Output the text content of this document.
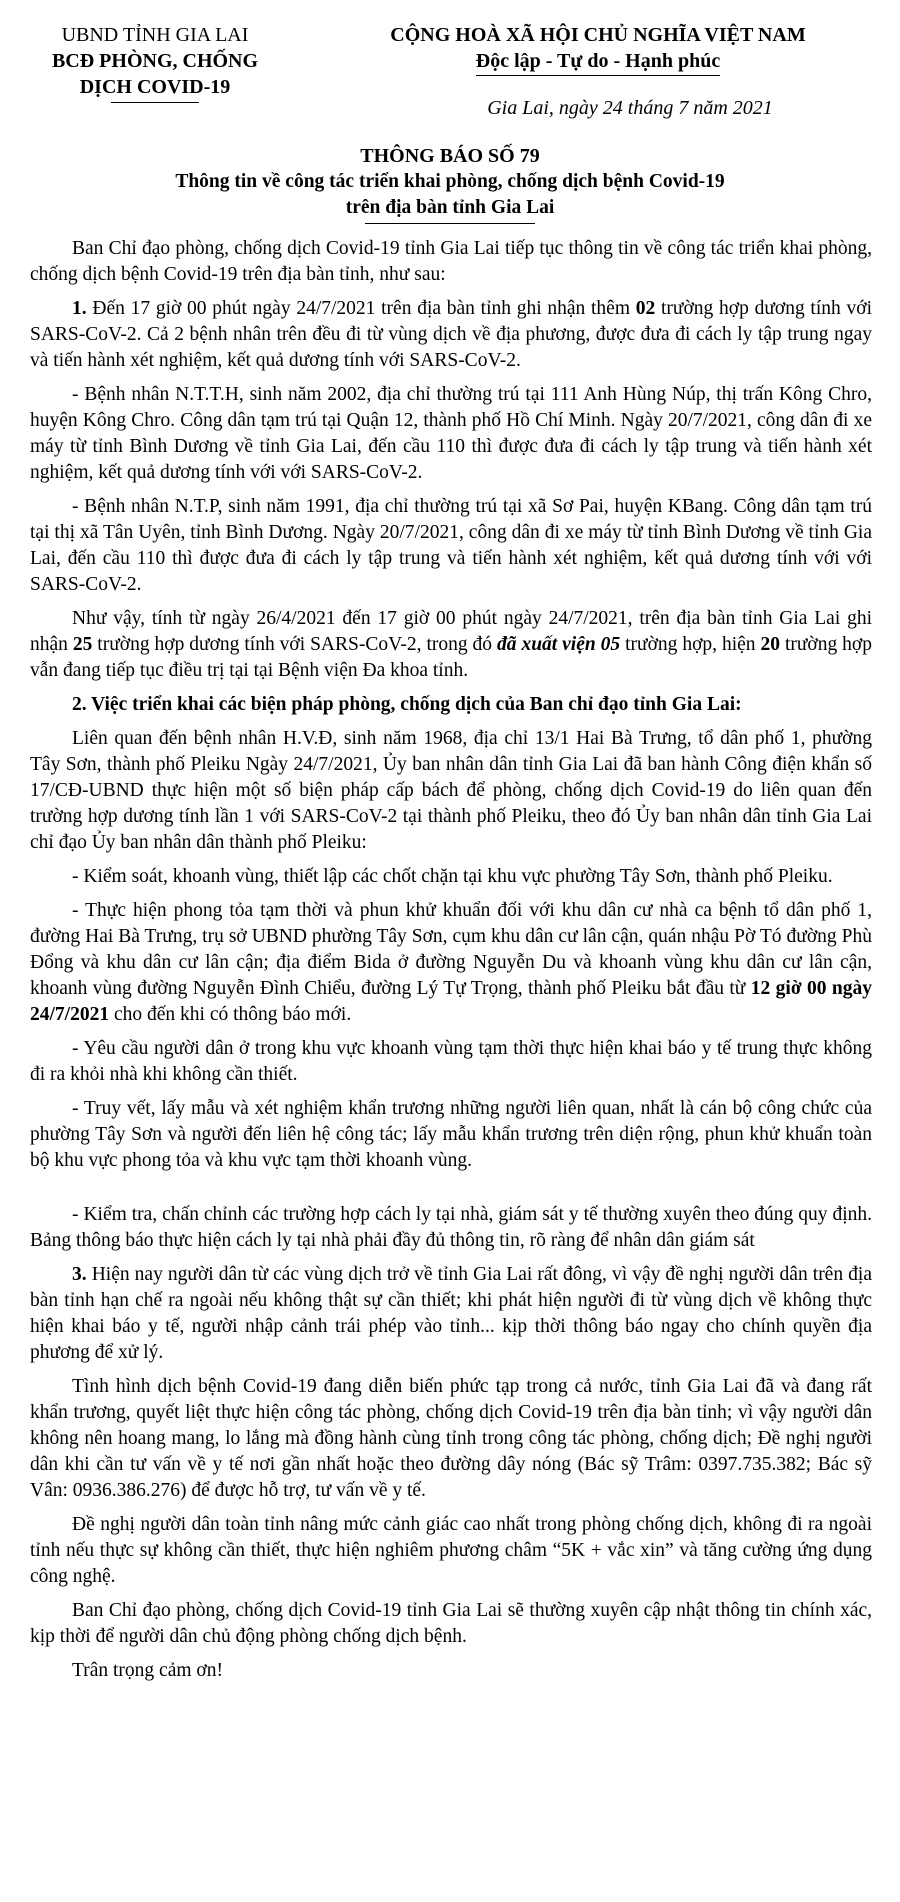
UBND TỈNH GIA LAI
BCĐ PHÒNG, CHỐNG
DỊCH COVID-19
CỘNG HOÀ XÃ HỘI CHỦ NGHĨA VIỆT NAM
Độc lập - Tự do - Hạnh phúc
Gia Lai, ngày 24 tháng 7 năm 2021
THÔNG BÁO SỐ 79
Thông tin về công tác triển khai phòng, chống dịch bệnh Covid-19
trên địa bàn tỉnh Gia Lai

Ban Chỉ đạo phòng, chống dịch Covid-19 tỉnh Gia Lai tiếp tục thông tin về công tác triển khai phòng, chống dịch bệnh Covid-19 trên địa bàn tỉnh, như sau:

1. Đến 17 giờ 00 phút ngày 24/7/2021 trên địa bàn tỉnh ghi nhận thêm 02 trường hợp dương tính với SARS-CoV-2. Cả 2 bệnh nhân trên đều đi từ vùng dịch về địa phương, được đưa đi cách ly tập trung ngay và tiến hành xét nghiệm, kết quả dương tính với SARS-CoV-2.

- Bệnh nhân N.T.T.H, sinh năm 2002, địa chỉ thường trú tại 111 Anh Hùng Núp, thị trấn Kông Chro, huyện Kông Chro. Công dân tạm trú tại Quận 12, thành phố Hồ Chí Minh. Ngày 20/7/2021, công dân đi xe máy từ tỉnh Bình Dương về tỉnh Gia Lai, đến cầu 110 thì được đưa đi cách ly tập trung và tiến hành xét nghiệm, kết quả dương tính với với SARS-CoV-2.

- Bệnh nhân N.T.P, sinh năm 1991, địa chỉ thường trú tại xã Sơ Pai, huyện KBang. Công dân tạm trú tại thị xã Tân Uyên, tỉnh Bình Dương. Ngày 20/7/2021, công dân đi xe máy từ tỉnh Bình Dương về tỉnh Gia Lai, đến cầu 110 thì được đưa đi cách ly tập trung và tiến hành xét nghiệm, kết quả dương tính với với SARS-CoV-2.

Như vậy, tính từ ngày 26/4/2021 đến 17 giờ 00 phút ngày 24/7/2021, trên địa bàn tỉnh Gia Lai ghi nhận 25 trường hợp dương tính với SARS-CoV-2, trong đó đã xuất viện 05 trường hợp, hiện 20 trường hợp vẫn đang tiếp tục điều trị tại tại Bệnh viện Đa khoa tỉnh.

2. Việc triển khai các biện pháp phòng, chống dịch của Ban chỉ đạo tỉnh Gia Lai:

Liên quan đến bệnh nhân H.V.Đ, sinh năm 1968, địa chỉ 13/1 Hai Bà Trưng, tổ dân phố 1, phường Tây Sơn, thành phố Pleiku Ngày 24/7/2021, Ủy ban nhân dân tỉnh Gia Lai đã ban hành Công điện khẩn số 17/CĐ-UBND thực hiện một số biện pháp cấp bách để phòng, chống dịch Covid-19 do liên quan đến trường hợp dương tính lần 1 với SARS-CoV-2 tại thành phố Pleiku, theo đó Ủy ban nhân dân tỉnh Gia Lai chỉ đạo Ủy ban nhân dân thành phố Pleiku:

- Kiểm soát, khoanh vùng, thiết lập các chốt chặn tại khu vực phường Tây Sơn, thành phố Pleiku.

- Thực hiện phong tỏa tạm thời và phun khử khuẩn đối với khu dân cư nhà ca bệnh tổ dân phố 1, đường Hai Bà Trưng, trụ sở UBND phường Tây Sơn, cụm khu dân cư lân cận, quán nhậu Pờ Tó đường Phù Đổng và khu dân cư lân cận; địa điểm Bida ở đường Nguyễn Du và khoanh vùng khu dân cư lân cận, khoanh vùng đường Nguyễn Đình Chiểu, đường Lý Tự Trọng, thành phố Pleiku bắt đầu từ 12 giờ 00 ngày 24/7/2021 cho đến khi có thông báo mới.

- Yêu cầu người dân ở trong khu vực khoanh vùng tạm thời thực hiện khai báo y tế trung thực không đi ra khỏi nhà khi không cần thiết.

- Truy vết, lấy mẫu và xét nghiệm khẩn trương những người liên quan, nhất là cán bộ công chức của phường Tây Sơn và người đến liên hệ công tác; lấy mẫu khẩn trương trên diện rộng, phun khử khuẩn toàn bộ khu vực phong tỏa và khu vực tạm thời khoanh vùng.

- Kiểm tra, chấn chỉnh các trường hợp cách ly tại nhà, giám sát y tế thường xuyên theo đúng quy định. Bảng thông báo thực hiện cách ly tại nhà phải đầy đủ thông tin, rõ ràng để nhân dân giám sát

3. Hiện nay người dân từ các vùng dịch trở về tỉnh Gia Lai rất đông, vì vậy đề nghị người dân trên địa bàn tỉnh hạn chế ra ngoài nếu không thật sự cần thiết; khi phát hiện người đi từ vùng dịch về không thực hiện khai báo y tế, người nhập cảnh trái phép vào tỉnh... kịp thời thông báo ngay cho chính quyền địa phương để xử lý.

Tình hình dịch bệnh Covid-19 đang diễn biến phức tạp trong cả nước, tỉnh Gia Lai đã và đang rất khẩn trương, quyết liệt thực hiện công tác phòng, chống dịch Covid-19 trên địa bàn tỉnh; vì vậy người dân không nên hoang mang, lo lắng mà đồng hành cùng tỉnh trong công tác phòng, chống dịch; Đề nghị người dân khi cần tư vấn về y tế nơi gần nhất hoặc theo đường dây nóng (Bác sỹ Trâm: 0397.735.382; Bác sỹ Vân: 0936.386.276) để được hỗ trợ, tư vấn về y tế.

Đề nghị người dân toàn tỉnh nâng mức cảnh giác cao nhất trong phòng chống dịch, không đi ra ngoài tỉnh nếu thực sự không cần thiết, thực hiện nghiêm phương châm “5K + vắc xin” và tăng cường ứng dụng công nghệ.

Ban Chỉ đạo phòng, chống dịch Covid-19 tỉnh Gia Lai sẽ thường xuyên cập nhật thông tin chính xác, kịp thời để người dân chủ động phòng chống dịch bệnh.

Trân trọng cảm ơn!
